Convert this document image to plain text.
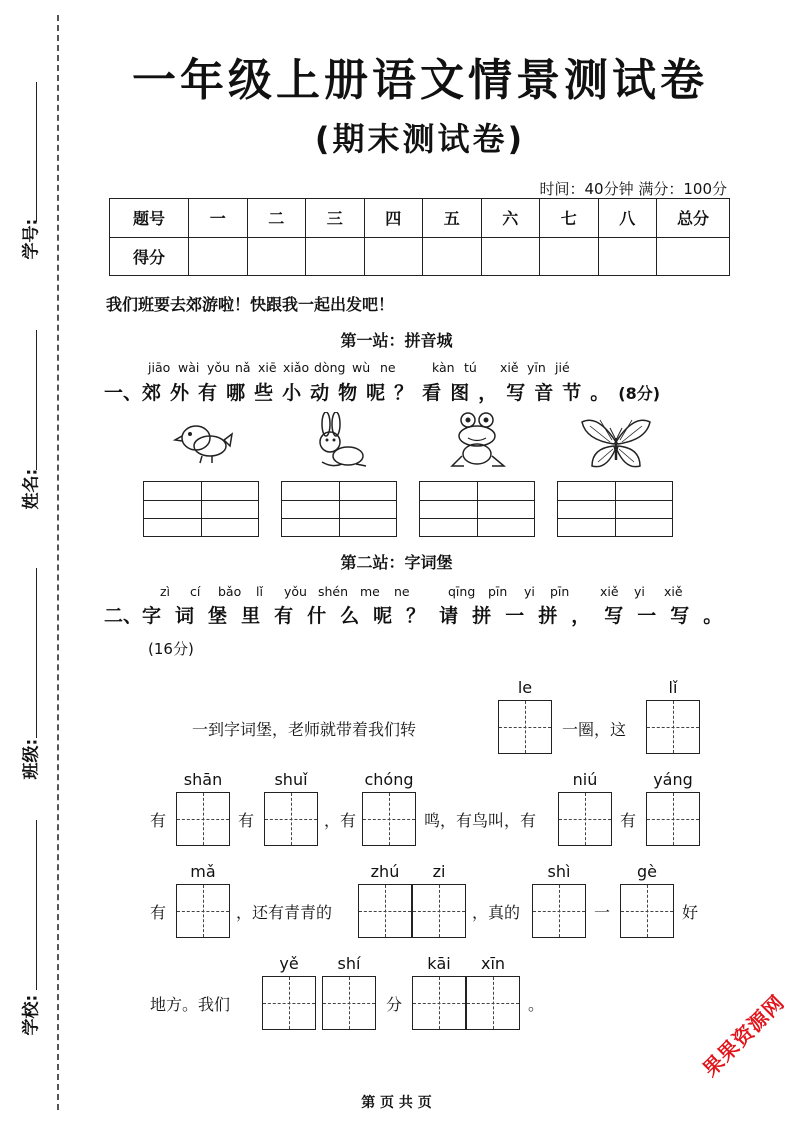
学号:
姓名:
班级:
学校:
一年级上册语文情景测试卷
(期末测试卷)
时间：40分钟 满分：100分
题号	一	二	三	四	五	六	七	八	总分
得分									
我们班要去郊游啦！快跟我一起出发吧！
第一站：拼音城
jiāo wài yǒu nǎ xiē xiǎo dòng wù ne	kàn tú xiě yīn jié
一、郊外有哪些小动物呢？看图，写音节。(8分)
第二站：字词堡
zì cí bǎo lǐ yǒu shén me ne	qīng pīn yi pīn xiě yi xiě
二、字词堡里有什么呢？请拼一拼，写一写。
(16分)
一到字词堡，老师就带着我们转
le
一圈，这
lǐ
有
shān
有
shuǐ
，有
chóng
鸣，有鸟叫，有
niú
有
yáng
有
mǎ
，还有青青的
zhú	zi
，真的
shì
一
gè
好
地方。我们
yě	shí
分
kāi	xīn
。
第 页 共 页
果果资源网
